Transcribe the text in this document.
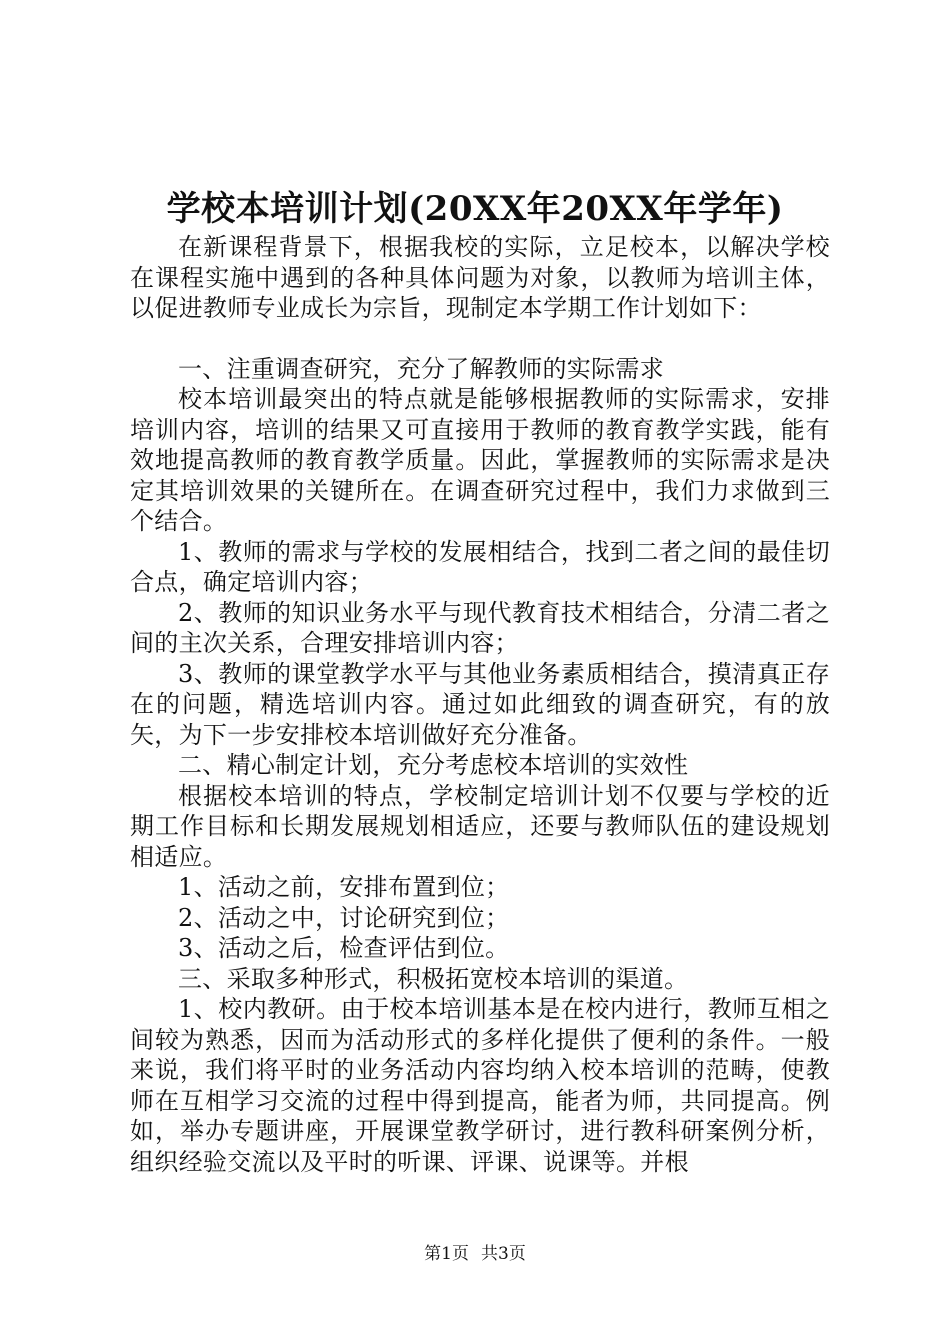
学校本培训计划(20XX年20XX年学年)

在新课程背景下，根据我校的实际，立足校本，以解决学校在课程实施中遇到的各种具体问题为对象，以教师为培训主体，以促进教师专业成长为宗旨，现制定本学期工作计划如下：

一、注重调查研究，充分了解教师的实际需求

校本培训最突出的特点就是能够根据教师的实际需求，安排培训内容，培训的结果又可直接用于教师的教育教学实践，能有效地提高教师的教育教学质量。因此，掌握教师的实际需求是决定其培训效果的关键所在。在调查研究过程中，我们力求做到三个结合。

1、教师的需求与学校的发展相结合，找到二者之间的最佳切合点，确定培训内容；

2、教师的知识业务水平与现代教育技术相结合，分清二者之间的主次关系，合理安排培训内容；

3、教师的课堂教学水平与其他业务素质相结合，摸清真正存在的问题，精选培训内容。通过如此细致的调查研究，有的放矢，为下一步安排校本培训做好充分准备。

二、精心制定计划，充分考虑校本培训的实效性

根据校本培训的特点，学校制定培训计划不仅要与学校的近期工作目标和长期发展规划相适应，还要与教师队伍的建设规划相适应。

1、活动之前，安排布置到位；

2、活动之中，讨论研究到位；

3、活动之后，检查评估到位。

三、采取多种形式，积极拓宽校本培训的渠道。

1、校内教研。由于校本培训基本是在校内进行，教师互相之间较为熟悉，因而为活动形式的多样化提供了便利的条件。一般来说，我们将平时的业务活动内容均纳入校本培训的范畴，使教师在互相学习交流的过程中得到提高，能者为师，共同提高。例如，举办专题讲座，开展课堂教学研讨，进行教科研案例分析，组织经验交流以及平时的听课、评课、说课等。并根

第1页 共3页
